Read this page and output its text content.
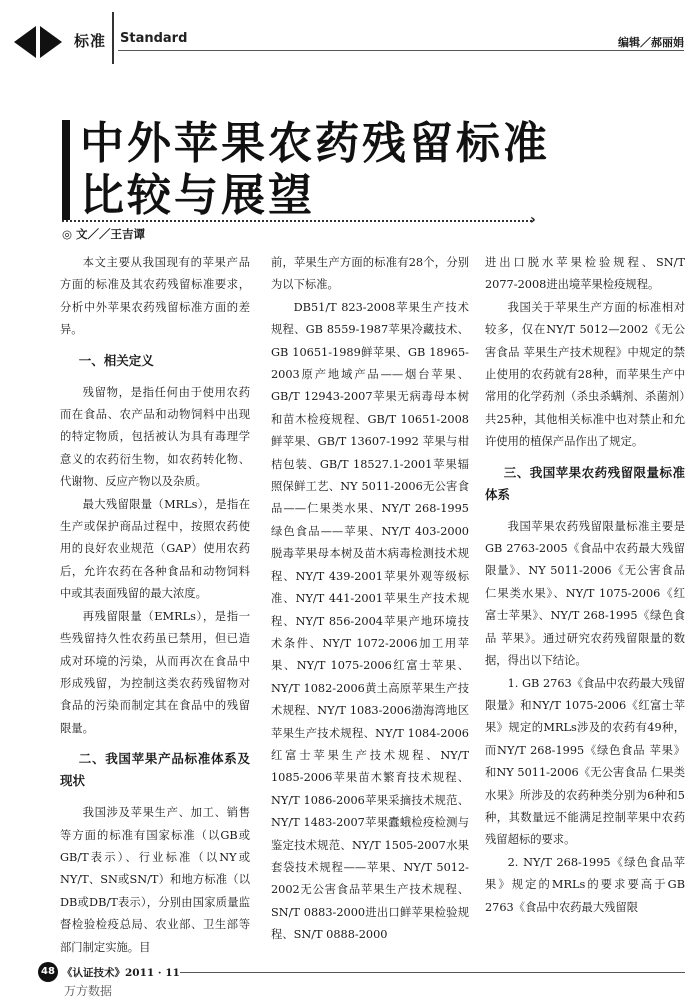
标准 Standard	编辑／郝丽娟
中外苹果农药残留标准
比较与展望	›
◎ 文／／王吉谭

本文主要从我国现有的苹果产品方面的标准及其农药残留标准要求，分析中外苹果农药残留标准方面的差异。

一、相关定义

残留物，是指任何由于使用农药而在食品、农产品和动物饲料中出现的特定物质，包括被认为具有毒理学意义的农药衍生物，如农药转化物、代谢物、反应产物以及杂质。

最大残留限量（MRLs），是指在生产或保护商品过程中，按照农药使用的良好农业规范（GAP）使用农药后，允许农药在各种食品和动物饲料中或其表面残留的最大浓度。

再残留限量（EMRLs），是指一些残留持久性农药虽已禁用，但已造成对环境的污染，从而再次在食品中形成残留，为控制这类农药残留物对食品的污染而制定其在食品中的残留限量。

二、我国苹果产品标准体系及现状

我国涉及苹果生产、加工、销售等方面的标准有国家标准（以GB或GB/T表示）、行业标准（以NY或NY/T、SN或SN/T）和地方标准（以DB或DB/T表示），分别由国家质量监督检验检疫总局、农业部、卫生部等部门制定实施。目

前，苹果生产方面的标准有28个，分别为以下标准。

DB51/T 823-2008苹果生产技术规程、GB 8559-1987苹果冷藏技术、GB 10651-1989鲜苹果、GB 18965-2003原产地域产品——烟台苹果、GB/T 12943-2007苹果无病毒母本树和苗木检疫规程、GB/T 10651-2008鲜苹果、GB/T 13607-1992 苹果与柑桔包装、GB/T 18527.1-2001苹果辐照保鲜工艺、NY 5011-2006无公害食品——仁果类水果、NY/T 268-1995绿色食品——苹果、NY/T 403-2000脱毒苹果母本树及苗木病毒检测技术规程、NY/T 439-2001苹果外观等级标准、NY/T 441-2001苹果生产技术规程、NY/T 856-2004苹果产地环境技术条件、NY/T 1072-2006加工用苹果、NY/T 1075-2006红富士苹果、NY/T 1082-2006黄土高原苹果生产技术规程、NY/T 1083-2006渤海湾地区苹果生产技术规程、NY/T 1084-2006红富士苹果生产技术规程、NY/T 1085-2006苹果苗木繁育技术规程、NY/T 1086-2006苹果采摘技术规范、NY/T 1483-2007苹果蠹蛾检疫检测与鉴定技术规范、NY/T 1505-2007水果套袋技术规程——苹果、NY/T 5012-2002无公害食品苹果生产技术规程、SN/T 0883-2000进出口鲜苹果检验规程、SN/T 0888-2000

进出口脱水苹果检验规程、SN/T 2077-2008进出境苹果检疫规程。

我国关于苹果生产方面的标准相对较多，仅在NY/T 5012—2002《无公害食品 苹果生产技术规程》中规定的禁止使用的农药就有28种，而苹果生产中常用的化学药剂（杀虫杀螨剂、杀菌剂）共25种，其他相关标准中也对禁止和允许使用的植保产品作出了规定。

三、我国苹果农药残留限量标准体系

我国苹果农药残留限量标准主要是GB 2763-2005《食品中农药最大残留限量》、NY 5011-2006《无公害食品 仁果类水果》、NY/T 1075-2006《红富士苹果》、NY/T 268-1995《绿色食品 苹果》。通过研究农药残留限量的数据，得出以下结论。

1. GB 2763《食品中农药最大残留限量》和NY/T 1075-2006《红富士苹果》规定的MRLs涉及的农药有49种，而NY/T 268-1995《绿色食品 苹果》和NY 5011-2006《无公害食品 仁果类水果》所涉及的农药种类分别为6种和5种，其数量远不能满足控制苹果中农药残留超标的要求。

2. NY/T 268-1995《绿色食品苹果》规定的MRLs的要求要高于GB 2763《食品中农药最大残留限

48 《认证技术》2011 · 11
万方数据
